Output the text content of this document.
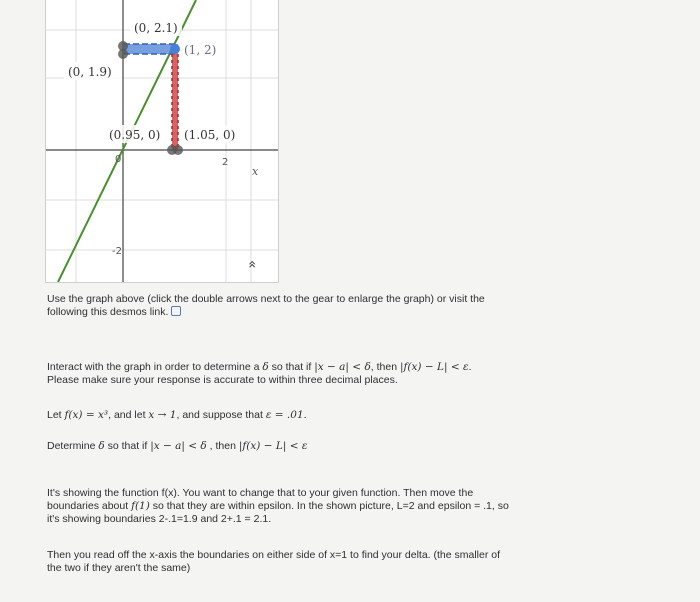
(0, 2.1)
(1, 2)
(0, 1.9)
(0.95, 0) (1.05, 0)
0	2
-2
x
«
Use the graph above (click the double arrows next to the gear to enlarge the graph) or visit the
following this desmos link.
Interact with the graph in order to determine a δ so that if |x − a| < δ, then |f(x) − L| < ε.
Please make sure your response is accurate to within three decimal places.
Let f(x) = x³, and let x → 1, and suppose that ε = .01.
Determine δ so that if |x − a| < δ , then |f(x) − L| < ε
It's showing the function f(x). You want to change that to your given function. Then move the
boundaries about f(1) so that they are within epsilon. In the shown picture, L=2 and epsilon = .1, so
it's showing boundaries 2-.1=1.9 and 2+.1 = 2.1.
Then you read off the x-axis the boundaries on either side of x=1 to find your delta. (the smaller of
the two if they aren't the same)
